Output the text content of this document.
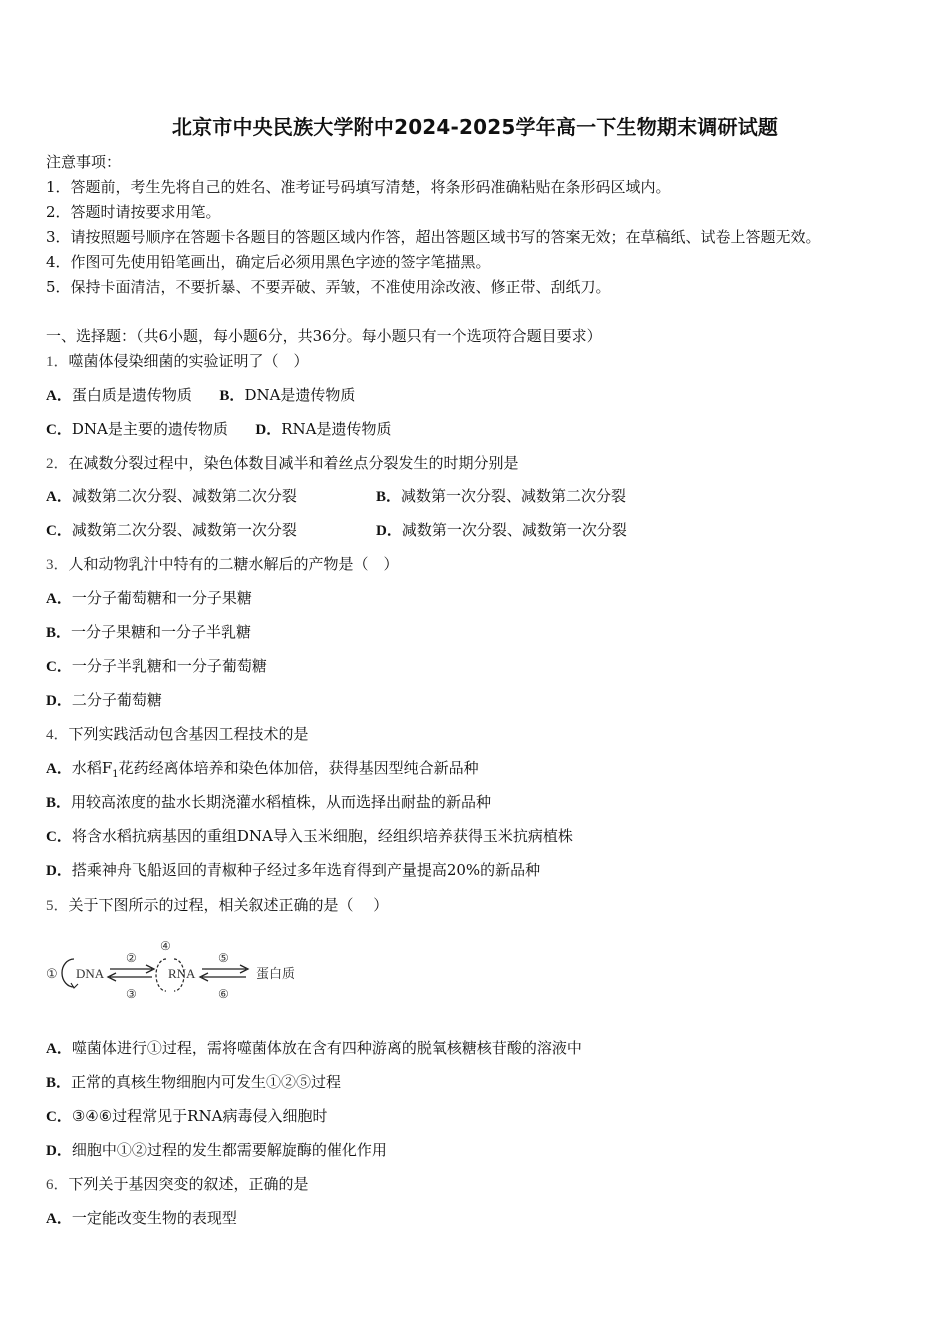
北京市中央民族大学附中2024-2025学年高一下生物期末调研试题
注意事项：
1．答题前，考生先将自己的姓名、准考证号码填写清楚，将条形码准确粘贴在条形码区域内。
2．答题时请按要求用笔。
3．请按照题号顺序在答题卡各题目的答题区域内作答，超出答题区域书写的答案无效；在草稿纸、试卷上答题无效。
4．作图可先使用铅笔画出，确定后必须用黑色字迹的签字笔描黑。
5．保持卡面清洁，不要折暴、不要弄破、弄皱，不准使用涂改液、修正带、刮纸刀。
一、选择题：（共6小题，每小题6分，共36分。每小题只有一个选项符合题目要求）
1．噬菌体侵染细菌的实验证明了（　）
A．蛋白质是遗传物质 B．DNA是遗传物质
C．DNA是主要的遗传物质 D．RNA是遗传物质
2．在减数分裂过程中，染色体数目减半和着丝点分裂发生的时期分别是
A．减数第二次分裂、减数第二次分裂	B．减数第一次分裂、减数第二次分裂
C．减数第二次分裂、减数第一次分裂	D．减数第一次分裂、减数第一次分裂
3．人和动物乳汁中特有的二糖水解后的产物是（　）
A．一分子葡萄糖和一分子果糖
B．一分子果糖和一分子半乳糖
C．一分子半乳糖和一分子葡萄糖
D．二分子葡萄糖
4．下列实践活动包含基因工程技术的是
A．水稻$F_1$花药经离体培养和染色体加倍，获得基因型纯合新品种
B．用较高浓度的盐水长期浇灌水稻植株，从而选择出耐盐的新品种
C．将含水稻抗病基因的重组DNA导入玉米细胞，经组织培养获得玉米抗病植株
D．搭乘神舟飞船返回的青椒种子经过多年选育得到产量提高20%的新品种
5．关于下图所示的过程，相关叙述正确的是（　 ）
① DNA
②
③
④
RNA
⑤
⑥
蛋白质
A．噬菌体进行①过程，需将噬菌体放在含有四种游离的脱氧核糖核苷酸的溶液中
B．正常的真核生物细胞内可发生①②⑤过程
C．③④⑥过程常见于RNA病毒侵入细胞时
D．细胞中①②过程的发生都需要解旋酶的催化作用
6．下列关于基因突变的叙述，正确的是
A．一定能改变生物的表现型
